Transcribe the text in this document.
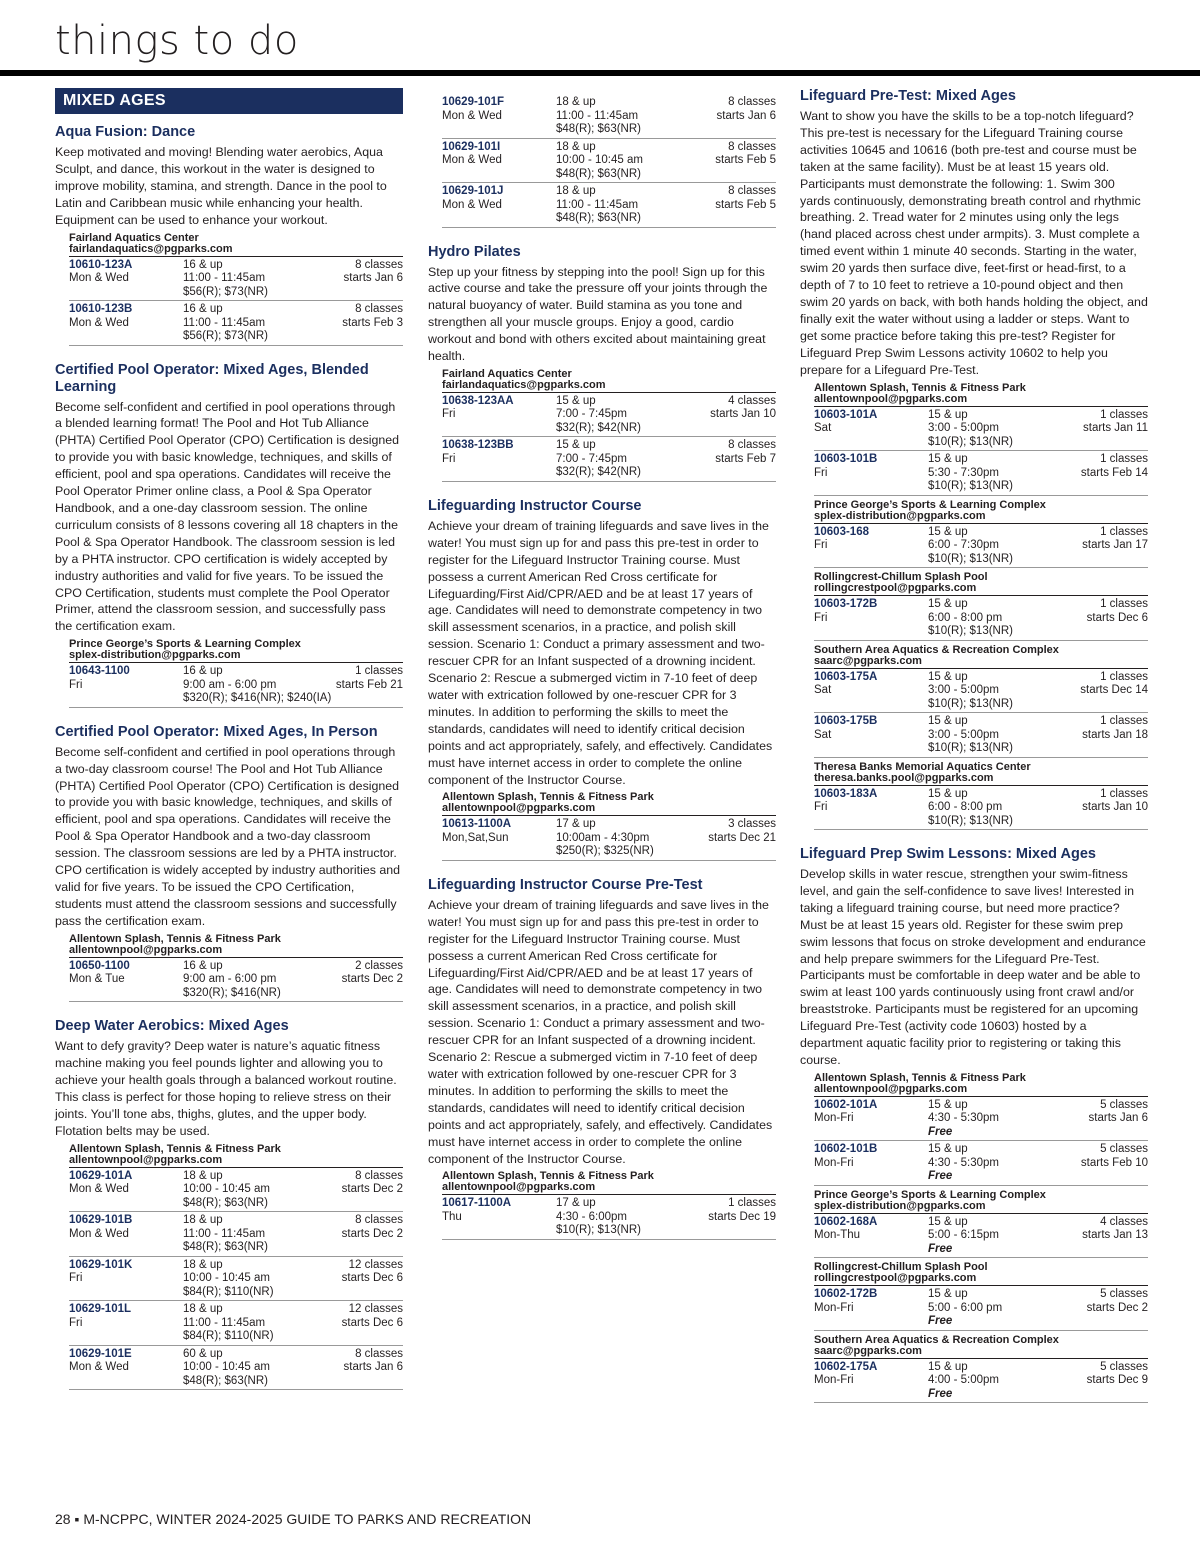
things to do
MIXED AGES
Aqua Fusion: Dance
Keep motivated and moving! Blending water aerobics, Aqua Sculpt, and dance, this workout in the water is designed to improve mobility, stamina, and strength. Dance in the pool to Latin and Caribbean music while enhancing your health. Equipment can be used to enhance your workout.
Fairland Aquatics Center
fairlandaquatics@pgparks.com
10610-123A
Mon & Wed
16 & up
11:00 - 11:45am
$56(R); $73(NR)
8 classes
starts Jan 6
10610-123B
Mon & Wed
16 & up
11:00 - 11:45am
$56(R); $73(NR)
8 classes
starts Feb 3
Certified Pool Operator: Mixed Ages, Blended Learning
Become self-confident and certified in pool operations through a blended learning format! The Pool and Hot Tub Alliance (PHTA) Certified Pool Operator (CPO) Certification is designed to provide you with basic knowledge, techniques, and skills of efficient, pool and spa operations. Candidates will receive the Pool Operator Primer online class, a Pool & Spa Operator Handbook, and a one-day classroom session. The online curriculum consists of 8 lessons covering all 18 chapters in the Pool & Spa Operator Handbook. The classroom session is led by a PHTA instructor. CPO certification is widely accepted by industry authorities and valid for five years. To be issued the CPO Certification, students must complete the Pool Operator Primer, attend the classroom session, and successfully pass the certification exam.
Prince George’s Sports & Learning Complex
splex-distribution@pgparks.com
10643-1100
Fri
16 & up
9:00 am - 6:00 pm
$320(R); $416(NR); $240(IA)
1 classes
starts Feb 21
Certified Pool Operator: Mixed Ages, In Person
Become self-confident and certified in pool operations through a two-day classroom course! The Pool and Hot Tub Alliance (PHTA) Certified Pool Operator (CPO) Certification is designed to provide you with basic knowledge, techniques, and skills of efficient, pool and spa operations. Candidates will receive the Pool & Spa Operator Handbook and a two-day classroom session. The classroom sessions are led by a PHTA instructor. CPO certification is widely accepted by industry authorities and valid for five years. To be issued the CPO Certification, students must attend the classroom sessions and successfully pass the certification exam.
Allentown Splash, Tennis & Fitness Park
allentownpool@pgparks.com
10650-1100
Mon & Tue
16 & up
9:00 am - 6:00 pm
$320(R); $416(NR)
2 classes
starts Dec 2
Deep Water Aerobics: Mixed Ages
Want to defy gravity? Deep water is nature’s aquatic fitness machine making you feel pounds lighter and allowing you to achieve your health goals through a balanced workout routine. This class is perfect for those hoping to relieve stress on their joints. You’ll tone abs, thighs, glutes, and the upper body. Flotation belts may be used.
Allentown Splash, Tennis & Fitness Park
allentownpool@pgparks.com
10629-101A
Mon & Wed
18 & up
10:00 - 10:45 am
$48(R); $63(NR)
8 classes
starts Dec 2
10629-101B
Mon & Wed
18 & up
11:00 - 11:45am
$48(R); $63(NR)
8 classes
starts Dec 2
10629-101K
Fri
18 & up
10:00 - 10:45 am
$84(R); $110(NR)
12 classes
starts Dec 6
10629-101L
Fri
18 & up
11:00 - 11:45am
$84(R); $110(NR)
12 classes
starts Dec 6
10629-101E
Mon & Wed
60 & up
10:00 - 10:45 am
$48(R); $63(NR)
8 classes
starts Jan 6
10629-101F
Mon & Wed
18 & up
11:00 - 11:45am
$48(R); $63(NR)
8 classes
starts Jan 6
10629-101I
Mon & Wed
18 & up
10:00 - 10:45 am
$48(R); $63(NR)
8 classes
starts Feb 5
10629-101J
Mon & Wed
18 & up
11:00 - 11:45am
$48(R); $63(NR)
8 classes
starts Feb 5
Hydro Pilates
Step up your fitness by stepping into the pool! Sign up for this active course and take the pressure off your joints through the natural buoyancy of water. Build stamina as you tone and strengthen all your muscle groups. Enjoy a good, cardio workout and bond with others excited about maintaining great health.
Fairland Aquatics Center
fairlandaquatics@pgparks.com
10638-123AA
Fri
15 & up
7:00 - 7:45pm
$32(R); $42(NR)
4 classes
starts Jan 10
10638-123BB
Fri
15 & up
7:00 - 7:45pm
$32(R); $42(NR)
8 classes
starts Feb 7
Lifeguarding Instructor Course
Achieve your dream of training lifeguards and save lives in the water! You must sign up for and pass this pre-test in order to register for the Lifeguard Instructor Training course. Must possess a current American Red Cross certificate for Lifeguarding/First Aid/CPR/AED and be at least 17 years of age. Candidates will need to demonstrate competency in two skill assessment scenarios, in a practice, and polish skill session. Scenario 1: Conduct a primary assessment and two-rescuer CPR for an Infant suspected of a drowning incident. Scenario 2: Rescue a submerged victim in 7-10 feet of deep water with extrication followed by one-rescuer CPR for 3 minutes. In addition to performing the skills to meet the standards, candidates will need to identify critical decision points and act appropriately, safely, and effectively. Candidates must have internet access in order to complete the online component of the Instructor Course.
Allentown Splash, Tennis & Fitness Park
allentownpool@pgparks.com
10613-1100A
Mon,Sat,Sun
17 & up
10:00am - 4:30pm
$250(R); $325(NR)
3 classes
starts Dec 21
Lifeguarding Instructor Course Pre-Test
Achieve your dream of training lifeguards and save lives in the water! You must sign up for and pass this pre-test in order to register for the Lifeguard Instructor Training course. Must possess a current American Red Cross certificate for Lifeguarding/First Aid/CPR/AED and be at least 17 years of age. Candidates will need to demonstrate competency in two skill assessment scenarios, in a practice, and polish skill session. Scenario 1: Conduct a primary assessment and two-rescuer CPR for an Infant suspected of a drowning incident. Scenario 2: Rescue a submerged victim in 7-10 feet of deep water with extrication followed by one-rescuer CPR for 3 minutes. In addition to performing the skills to meet the standards, candidates will need to identify critical decision points and act appropriately, safely, and effectively. Candidates must have internet access in order to complete the online component of the Instructor Course.
Allentown Splash, Tennis & Fitness Park
allentownpool@pgparks.com
10617-1100A
Thu
17 & up
4:30 - 6:00pm
$10(R); $13(NR)
1 classes
starts Dec 19
Lifeguard Pre-Test: Mixed Ages
Want to show you have the skills to be a top-notch lifeguard? This pre-test is necessary for the Lifeguard Training course activities 10645 and 10616 (both pre-test and course must be taken at the same facility). Must be at least 15 years old. Participants must demonstrate the following: 1. Swim 300 yards continuously, demonstrating breath control and rhythmic breathing. 2. Tread water for 2 minutes using only the legs (hand placed across chest under armpits). 3. Must complete a timed event within 1 minute 40 seconds. Starting in the water, swim 20 yards then surface dive, feet-first or head-first, to a depth of 7 to 10 feet to retrieve a 10-pound object and then swim 20 yards on back, with both hands holding the object, and finally exit the water without using a ladder or steps. Want to get some practice before taking this pre-test? Register for Lifeguard Prep Swim Lessons activity 10602 to help you prepare for a Lifeguard Pre-Test.
Allentown Splash, Tennis & Fitness Park
allentownpool@pgparks.com
10603-101A
Sat
15 & up
3:00 - 5:00pm
$10(R); $13(NR)
1 classes
starts Jan 11
10603-101B
Fri
15 & up
5:30 - 7:30pm
$10(R); $13(NR)
1 classes
starts Feb 14
Prince George’s Sports & Learning Complex
splex-distribution@pgparks.com
10603-168
Fri
15 & up
6:00 - 7:30pm
$10(R); $13(NR)
1 classes
starts Jan 17
Rollingcrest-Chillum Splash Pool
rollingcrestpool@pgparks.com
10603-172B
Fri
15 & up
6:00 - 8:00 pm
$10(R); $13(NR)
1 classes
starts Dec 6
Southern Area Aquatics & Recreation Complex
saarc@pgparks.com
10603-175A
Sat
15 & up
3:00 - 5:00pm
$10(R); $13(NR)
1 classes
starts Dec 14
10603-175B
Sat
15 & up
3:00 - 5:00pm
$10(R); $13(NR)
1 classes
starts Jan 18
Theresa Banks Memorial Aquatics Center
theresa.banks.pool@pgparks.com
10603-183A
Fri
15 & up
6:00 - 8:00 pm
$10(R); $13(NR)
1 classes
starts Jan 10
Lifeguard Prep Swim Lessons: Mixed Ages
Develop skills in water rescue, strengthen your swim-fitness level, and gain the self-confidence to save lives! Interested in taking a lifeguard training course, but need more practice? Must be at least 15 years old. Register for these swim prep swim lessons that focus on stroke development and endurance and help prepare swimmers for the Lifeguard Pre-Test. Participants must be comfortable in deep water and be able to swim at least 100 yards continuously using front crawl and/or breaststroke. Participants must be registered for an upcoming Lifeguard Pre-Test (activity code 10603) hosted by a department aquatic facility prior to registering or taking this course.
Allentown Splash, Tennis & Fitness Park
allentownpool@pgparks.com
10602-101A
Mon-Fri
15 & up
4:30 - 5:30pm
Free
5 classes
starts Jan 6
10602-101B
Mon-Fri
15 & up
4:30 - 5:30pm
Free
5 classes
starts Feb 10
Prince George’s Sports & Learning Complex
splex-distribution@pgparks.com
10602-168A
Mon-Thu
15 & up
5:00 - 6:15pm
Free
4 classes
starts Jan 13
Rollingcrest-Chillum Splash Pool
rollingcrestpool@pgparks.com
10602-172B
Mon-Fri
15 & up
5:00 - 6:00 pm
Free
5 classes
starts Dec 2
Southern Area Aquatics & Recreation Complex
saarc@pgparks.com
10602-175A
Mon-Fri
15 & up
4:00 - 5:00pm
Free
5 classes
starts Dec 9
28 ▪ M-NCPPC, WINTER 2024-2025 GUIDE TO PARKS AND RECREATION
